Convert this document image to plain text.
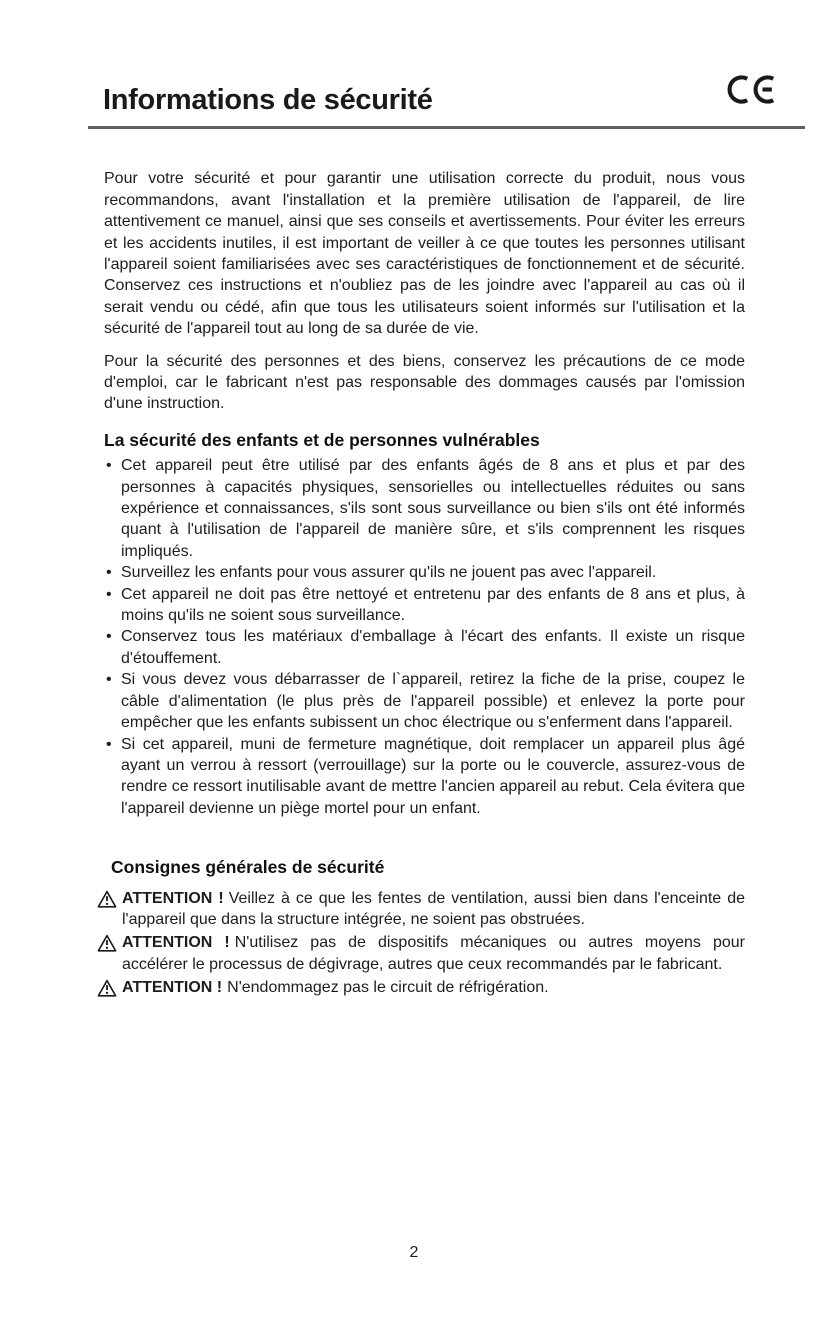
Informations de sécurité

Pour votre sécurité et pour garantir une utilisation correcte du produit, nous vous recommandons, avant l'installation et la première utilisation de l'appareil, de lire attentivement ce manuel, ainsi que ses conseils et avertissements. Pour éviter les erreurs et les accidents inutiles, il est important de veiller à ce que toutes les personnes utilisant l'appareil soient familiarisées avec ses caractéristiques de fonctionnement et de sécurité. Conservez ces instructions et n'oubliez pas de les joindre avec l'appareil au cas où il serait vendu ou cédé, afin que tous les utilisateurs soient informés sur l'utilisation et la sécurité de l'appareil tout au long de sa durée de vie.

Pour la sécurité des personnes et des biens, conservez les précautions de ce mode d'emploi, car le fabricant n'est pas responsable des dommages causés par l'omission d'une instruction.

La sécurité des enfants et de personnes vulnérables
• Cet appareil peut être utilisé par des enfants âgés de 8 ans et plus et par des personnes à capacités physiques, sensorielles ou intellectuelles réduites ou sans expérience et connaissances, s'ils sont sous surveillance ou bien s'ils ont été informés quant à l'utilisation de l'appareil de manière sûre, et s'ils comprennent les risques impliqués.
• Surveillez les enfants pour vous assurer qu'ils ne jouent pas avec l'appareil.
• Cet appareil ne doit pas être nettoyé et entretenu par des enfants de 8 ans et plus, à moins qu'ils ne soient sous surveillance.
• Conservez tous les matériaux d'emballage à l'écart des enfants. Il existe un risque d'étouffement.
• Si vous devez vous débarrasser de l`appareil, retirez la fiche de la prise, coupez le câble d'alimentation (le plus près de l'appareil possible) et enlevez la porte pour empêcher que les enfants subissent un choc électrique ou s'enferment dans l'appareil.
• Si cet appareil, muni de fermeture magnétique, doit remplacer un appareil plus âgé ayant un verrou à ressort (verrouillage) sur la porte ou le couvercle, assurez-vous de rendre ce ressort inutilisable avant de mettre l'ancien appareil au rebut. Cela évitera que l'appareil devienne un piège mortel pour un enfant.
Consignes générales de sécurité
ATTENTION ! Veillez à ce que les fentes de ventilation, aussi bien dans l'enceinte de l'appareil que dans la structure intégrée, ne soient pas obstruées.
ATTENTION ! N'utilisez pas de dispositifs mécaniques ou autres moyens pour accélérer le processus de dégivrage, autres que ceux recommandés par le fabricant.
ATTENTION ! N'endommagez pas le circuit de réfrigération.
2
